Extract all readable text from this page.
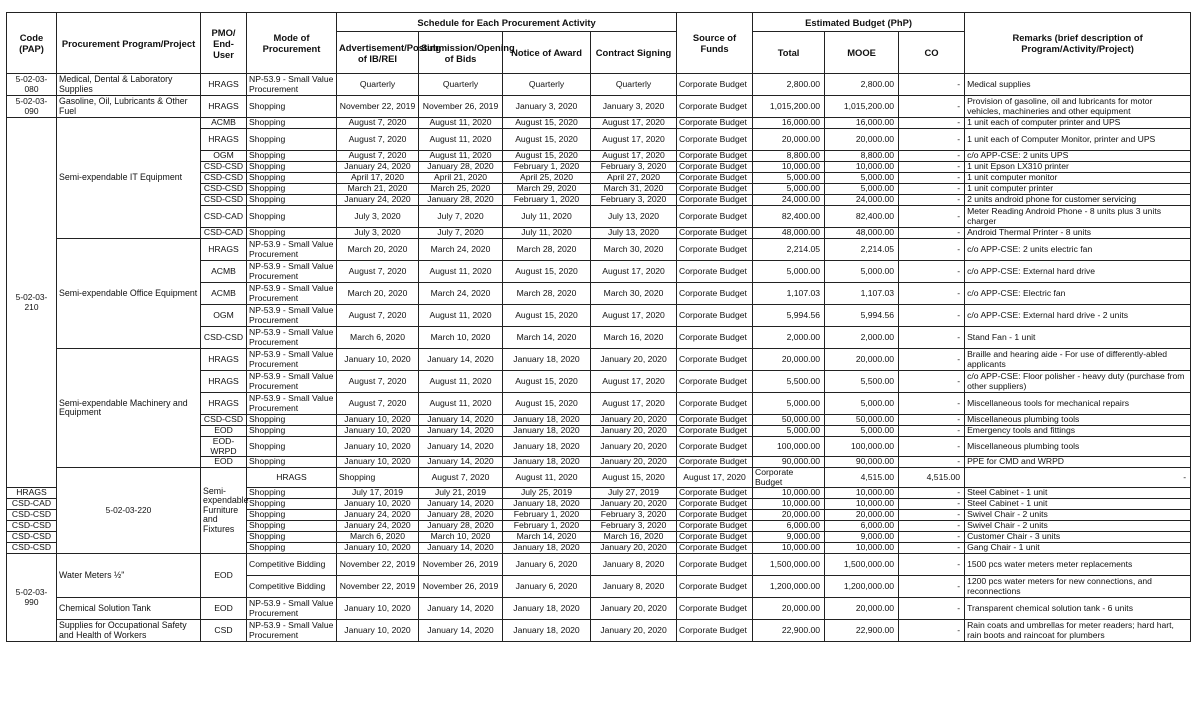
Code (PAP)	Procurement Program/Project	PMO/ End-User	Mode of Procurement	Schedule for Each Procurement Activity				Source of Funds	Estimated Budget (PhP)			Remarks (brief description of Program/Activity/Project)	
				Advertisement/Posting of IB/REI	Submission/Opening of Bids	Notice of Award	Contract Signing		Total	MOOE	CO		
5-02-03-080	Medical, Dental & Laboratory Supplies	HRAGS	NP-53.9 - Small Value Procurement	Quarterly	Quarterly	Quarterly	Quarterly	Corporate Budget	2,800.00	2,800.00	-	Medical supplies	
5-02-03-090	Gasoline, Oil, Lubricants & Other Fuel	HRAGS	Shopping	November 22, 2019	November 26, 2019	January 3, 2020	January 3, 2020	Corporate Budget	1,015,200.00	1,015,200.00	-	Provision of gasoline, oil and lubricants for motor vehicles, machineries and other equipment	
5-02-03-210	Semi-expendable IT Equipment	ACMB	Shopping	August 7, 2020	August 11, 2020	August 15, 2020	August 17, 2020	Corporate Budget	16,000.00	16,000.00	-	1 unit each of computer printer and UPS	
		HRAGS	Shopping	August 7, 2020	August 11, 2020	August 15, 2020	August 17, 2020	Corporate Budget	20,000.00	20,000.00	-	1 unit each of Computer Monitor, printer and UPS	
		OGM	Shopping	August 7, 2020	August 11, 2020	August 15, 2020	August 17, 2020	Corporate Budget	8,800.00	8,800.00	-	c/o APP-CSE: 2 units UPS	
		CSD-CSD	Shopping	January 24, 2020	January 28, 2020	February 1, 2020	February 3, 2020	Corporate Budget	10,000.00	10,000.00	-	1 unit Epson LX310 printer	
		CSD-CSD	Shopping	April 17, 2020	April 21, 2020	April 25, 2020	April 27, 2020	Corporate Budget	5,000.00	5,000.00	-	1 unit computer monitor	
		CSD-CSD	Shopping	March 21, 2020	March 25, 2020	March 29, 2020	March 31, 2020	Corporate Budget	5,000.00	5,000.00	-	1 unit computer printer	
		CSD-CSD	Shopping	January 24, 2020	January 28, 2020	February 1, 2020	February 3, 2020	Corporate Budget	24,000.00	24,000.00	-	2 units android phone for customer servicing	
		CSD-CAD	Shopping	July 3, 2020	July 7, 2020	July 11, 2020	July 13, 2020	Corporate Budget	82,400.00	82,400.00	-	Meter Reading Android Phone - 8 units plus 3 units charger	
		CSD-CAD	Shopping	July 3, 2020	July 7, 2020	July 11, 2020	July 13, 2020	Corporate Budget	48,000.00	48,000.00	-	Android Thermal Printer - 8 units	
	Semi-expendable Office Equipment	HRAGS	NP-53.9 - Small Value Procurement	March 20, 2020	March 24, 2020	March 28, 2020	March 30, 2020	Corporate Budget	2,214.05	2,214.05	-	c/o APP-CSE: 2 units electric fan	
		ACMB	NP-53.9 - Small Value Procurement	August 7, 2020	August 11, 2020	August 15, 2020	August 17, 2020	Corporate Budget	5,000.00	5,000.00	-	c/o APP-CSE: External hard drive	
		ACMB	NP-53.9 - Small Value Procurement	March 20, 2020	March 24, 2020	March 28, 2020	March 30, 2020	Corporate Budget	1,107.03	1,107.03	-	c/o APP-CSE: Electric fan	
		OGM	NP-53.9 - Small Value Procurement	August 7, 2020	August 11, 2020	August 15, 2020	August 17, 2020	Corporate Budget	5,994.56	5,994.56	-	c/o APP-CSE: External hard drive - 2 units	
		CSD-CSD	NP-53.9 - Small Value Procurement	March 6, 2020	March 10, 2020	March 14, 2020	March 16, 2020	Corporate Budget	2,000.00	2,000.00	-	Stand Fan - 1 unit	
	Semi-expendable Machinery and Equipment	HRAGS	NP-53.9 - Small Value Procurement	January 10, 2020	January 14, 2020	January 18, 2020	January 20, 2020	Corporate Budget	20,000.00	20,000.00	-	Braille and hearing aide - For use of differently-abled applicants	
		HRAGS	NP-53.9 - Small Value Procurement	August 7, 2020	August 11, 2020	August 15, 2020	August 17, 2020	Corporate Budget	5,500.00	5,500.00	-	c/o APP-CSE: Floor polisher - heavy duty (purchase from other suppliers)	
		HRAGS	NP-53.9 - Small Value Procurement	August 7, 2020	August 11, 2020	August 15, 2020	August 17, 2020	Corporate Budget	5,000.00	5,000.00	-	Miscellaneous tools for mechanical repairs	
		CSD-CSD	Shopping	January 10, 2020	January 14, 2020	January 18, 2020	January 20, 2020	Corporate Budget	50,000.00	50,000.00	-	Miscellaneous plumbing tools	
		EOD	Shopping	January 10, 2020	January 14, 2020	January 18, 2020	January 20, 2020	Corporate Budget	5,000.00	5,000.00	-	Emergency tools and fittings	
		EOD-WRPD	Shopping	January 10, 2020	January 14, 2020	January 18, 2020	January 20, 2020	Corporate Budget	100,000.00	100,000.00	-	Miscellaneous plumbing tools	
		EOD	Shopping	January 10, 2020	January 14, 2020	January 18, 2020	January 20, 2020	Corporate Budget	90,000.00	90,000.00	-	PPE for CMD and WRPD	
	5-02-03-220	Semi-expendable Furniture and Fixtures	HRAGS	Shopping	August 7, 2020	August 11, 2020	August 15, 2020	August 17, 2020	Corporate Budget	4,515.00	4,515.00	-	
HRAGS			Shopping	July 17, 2019	July 21, 2019	July 25, 2019	July 27, 2019	Corporate Budget	10,000.00	10,000.00	-	Steel Cabinet - 1 unit	
CSD-CAD			Shopping	January 10, 2020	January 14, 2020	January 18, 2020	January 20, 2020	Corporate Budget	10,000.00	10,000.00	-	Steel Cabinet - 1 unit	
CSD-CSD			Shopping	January 24, 2020	January 28, 2020	February 1, 2020	February 3, 2020	Corporate Budget	20,000.00	20,000.00	-	Swivel Chair - 2 units	
CSD-CSD			Shopping	January 24, 2020	January 28, 2020	February 1, 2020	February 3, 2020	Corporate Budget	6,000.00	6,000.00	-	Swivel Chair - 2 units	
CSD-CSD			Shopping	March 6, 2020	March 10, 2020	March 14, 2020	March 16, 2020	Corporate Budget	9,000.00	9,000.00	-	Customer Chair - 3 units	
CSD-CSD			Shopping	January 10, 2020	January 14, 2020	January 18, 2020	January 20, 2020	Corporate Budget	10,000.00	10,000.00	-	Gang Chair - 1 unit	
5-02-03-990	Water Meters ½"	EOD	Competitive Bidding	November 22, 2019	November 26, 2019	January 6, 2020	January 8, 2020	Corporate Budget	1,500,000.00	1,500,000.00	-	1500 pcs water meters meter replacements	
			Competitive Bidding	November 22, 2019	November 26, 2019	January 6, 2020	January 8, 2020	Corporate Budget	1,200,000.00	1,200,000.00	-	1200 pcs water meters for new connections, and reconnections	
	Chemical Solution Tank	EOD	NP-53.9 - Small Value Procurement	January 10, 2020	January 14, 2020	January 18, 2020	January 20, 2020	Corporate Budget	20,000.00	20,000.00	-	Transparent chemical solution tank - 6 units	
	Supplies for Occupational Safety and Health of Workers	CSD	NP-53.9 - Small Value Procurement	January 10, 2020	January 14, 2020	January 18, 2020	January 20, 2020	Corporate Budget	22,900.00	22,900.00	-	Rain coats and umbrellas for meter readers; hard hart, rain boots and raincoat for plumbers	
